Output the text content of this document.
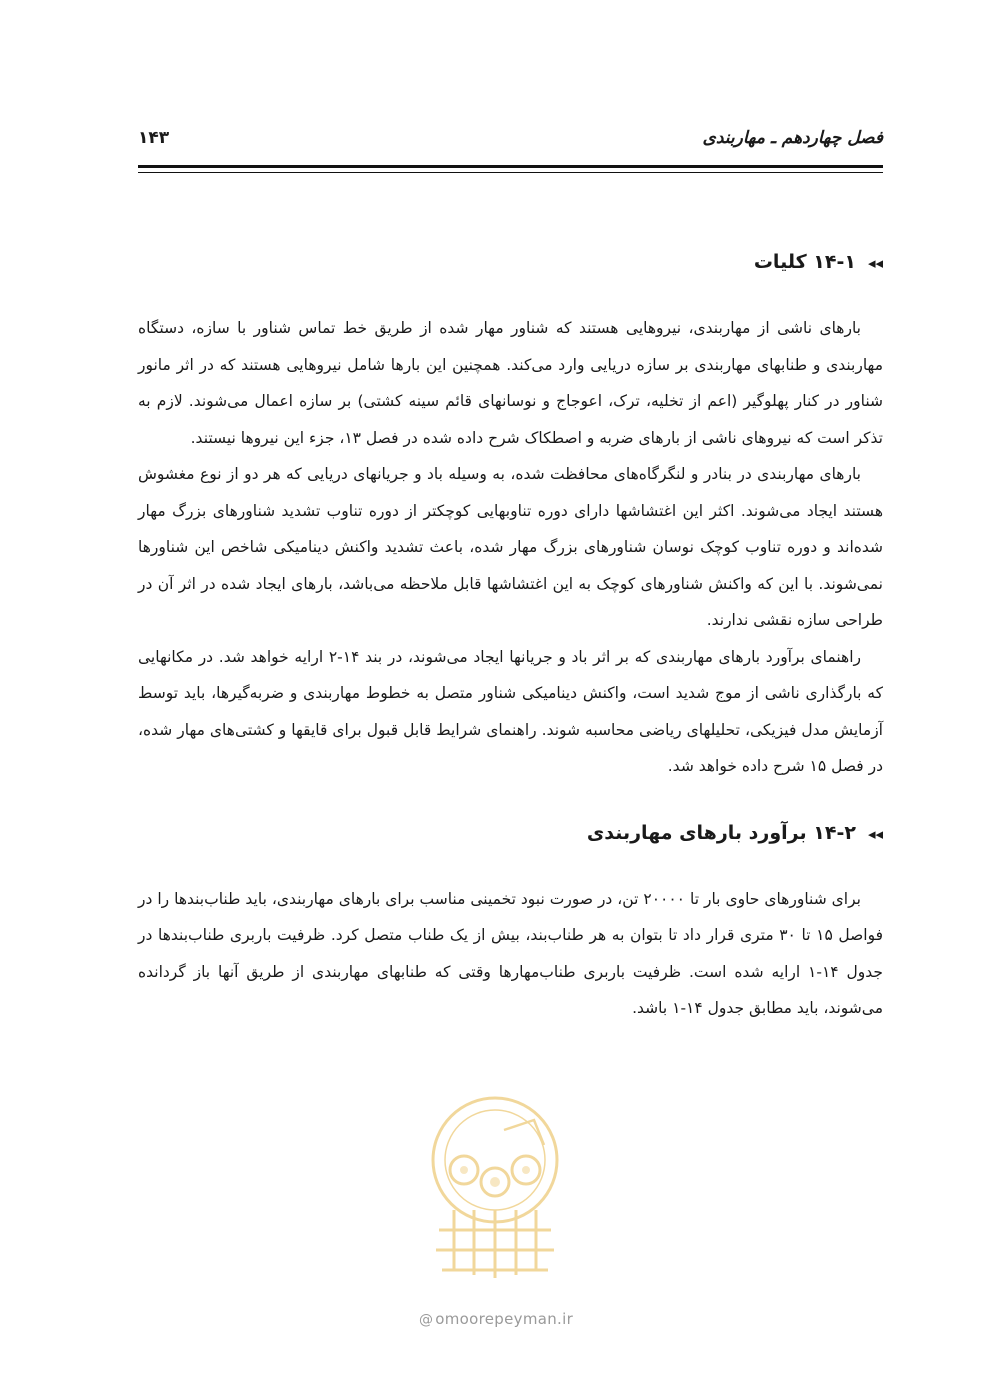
فصل چهاردهم ـ مهاربندی
۱۴۳
◂◂۱۴-۱ کلیات

بارهای ناشی از مهاربندی، نیروهایی هستند که شناور مهار شده از طریق خط تماس شناور با سازه، دستگاه مهاربندی و طنابهای مهاربندی بر سازه دریایی وارد می‌کند. همچنین این بارها شامل نیروهایی هستند که در اثر مانور شناور در کنار پهلوگیر (اعم از تخلیه، ترک، اعوجاج و نوسانهای قائم سینه کشتی) بر سازه اعمال می‌شوند. لازم به تذکر است که نیروهای ناشی از بارهای ضربه و اصطکاک شرح داده شده در فصل ۱۳، جزء این نیروها نیستند.

بارهای مهاربندی در بنادر و لنگرگاه‌های محافظت شده، به وسیله باد و جریانهای دریایی که هر دو از نوع مغشوش هستند ایجاد می‌شوند. اکثر این اغتشاشها دارای دوره تناوبهایی کوچکتر از دوره تناوب تشدید شناورهای بزرگ مهار شده‌اند و دوره تناوب کوچک نوسان شناورهای بزرگ مهار شده، باعث تشدید واکنش دینامیکی شاخص این شناورها نمی‌شوند. با این که واکنش شناورهای کوچک به این اغتشاشها قابل ملاحظه می‌باشد، بارهای ایجاد شده در اثر آن در طراحی سازه نقشی ندارند.

راهنمای برآورد بارهای مهاربندی که بر اثر باد و جریانها ایجاد می‌شوند، در بند ۱۴-۲ ارایه خواهد شد. در مکانهایی که بارگذاری ناشی از موج شدید است، واکنش دینامیکی شناور متصل به خطوط مهاربندی و ضربه‌گیرها، باید توسط آزمایش مدل فیزیکی، تحلیلهای ریاضی محاسبه شوند. راهنمای شرایط قابل قبول برای قایقها و کشتی‌های مهار شده، در فصل ۱۵ شرح داده خواهد شد.

◂◂۱۴-۲ برآورد بارهای مهاربندی

برای شناورهای حاوی بار تا ۲۰۰۰۰ تن، در صورت نبود تخمینی مناسب برای بارهای مهاربندی، باید طناب‌بندها را در فواصل ۱۵ تا ۳۰ متری قرار داد تا بتوان به هر طناب‌بند، بیش از یک طناب متصل کرد. ظرفیت باربری طناب‌بندها در جدول ۱۴-۱ ارایه شده است. ظرفیت باربری طناب‌مهارها وقتی که طنابهای مهاربندی از طریق آنها باز گردانده می‌شوند، باید مطابق جدول ۱۴-۱ باشد.

@ omoorepeyman.ir
